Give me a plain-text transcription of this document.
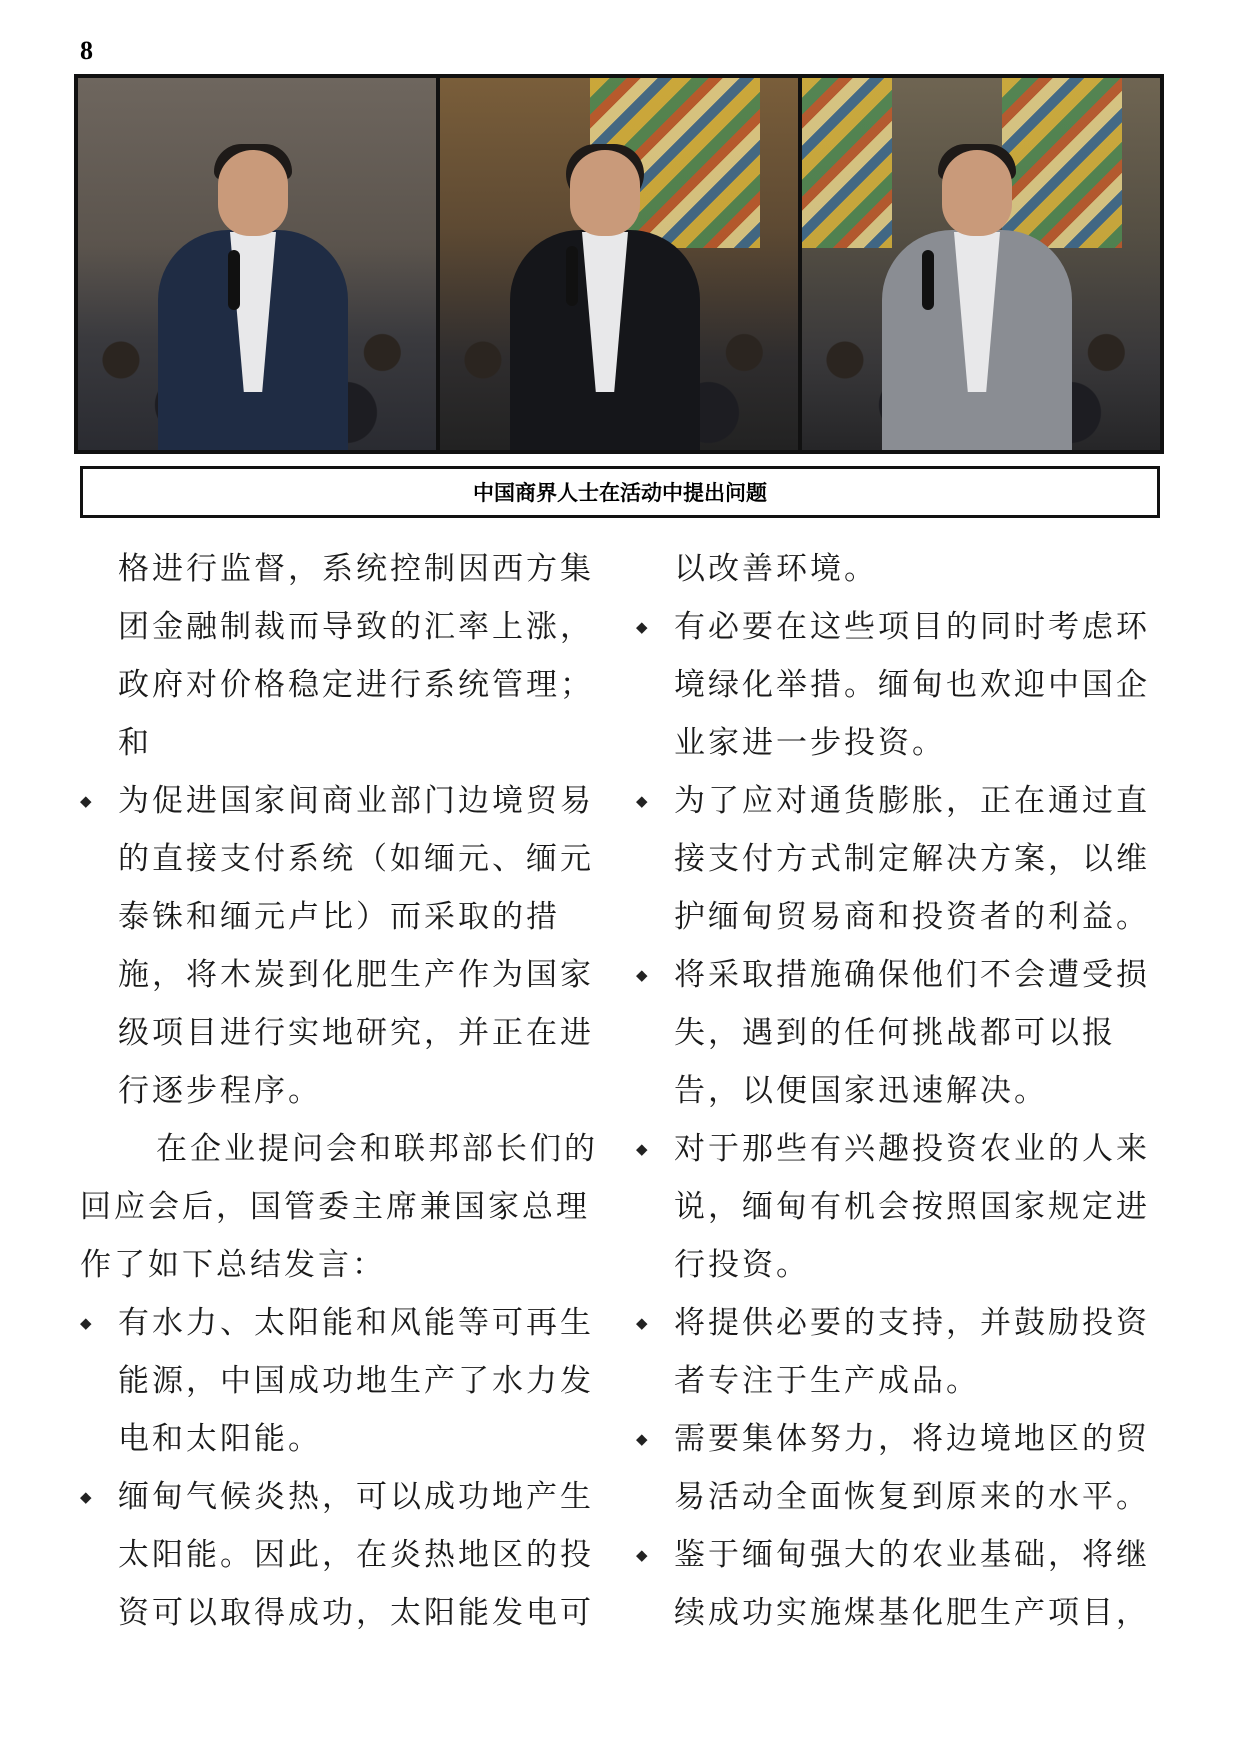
8
中国商界人士在活动中提出问题
格进行监督，系统控制因西方集
团金融制裁而导致的汇率上涨，
政府对价格稳定进行系统管理；
和
◆ 为促进国家间商业部门边境贸易
的直接支付系统（如缅元、缅元
泰铢和缅元卢比）而采取的措
施，将木炭到化肥生产作为国家
级项目进行实地研究，并正在进
行逐步程序。
在企业提问会和联邦部长们的
回应会后，国管委主席兼国家总理
作了如下总结发言：
◆ 有水力、太阳能和风能等可再生
能源，中国成功地生产了水力发
电和太阳能。
◆ 缅甸气候炎热，可以成功地产生
太阳能。因此，在炎热地区的投
资可以取得成功，太阳能发电可
以改善环境。
◆ 有必要在这些项目的同时考虑环
境绿化举措。缅甸也欢迎中国企
业家进一步投资。
◆ 为了应对通货膨胀，正在通过直
接支付方式制定解决方案，以维
护缅甸贸易商和投资者的利益。
◆ 将采取措施确保他们不会遭受损
失，遇到的任何挑战都可以报
告，以便国家迅速解决。
◆ 对于那些有兴趣投资农业的人来
说，缅甸有机会按照国家规定进
行投资。
◆ 将提供必要的支持，并鼓励投资
者专注于生产成品。
◆ 需要集体努力，将边境地区的贸
易活动全面恢复到原来的水平。
◆ 鉴于缅甸强大的农业基础，将继
续成功实施煤基化肥生产项目，
